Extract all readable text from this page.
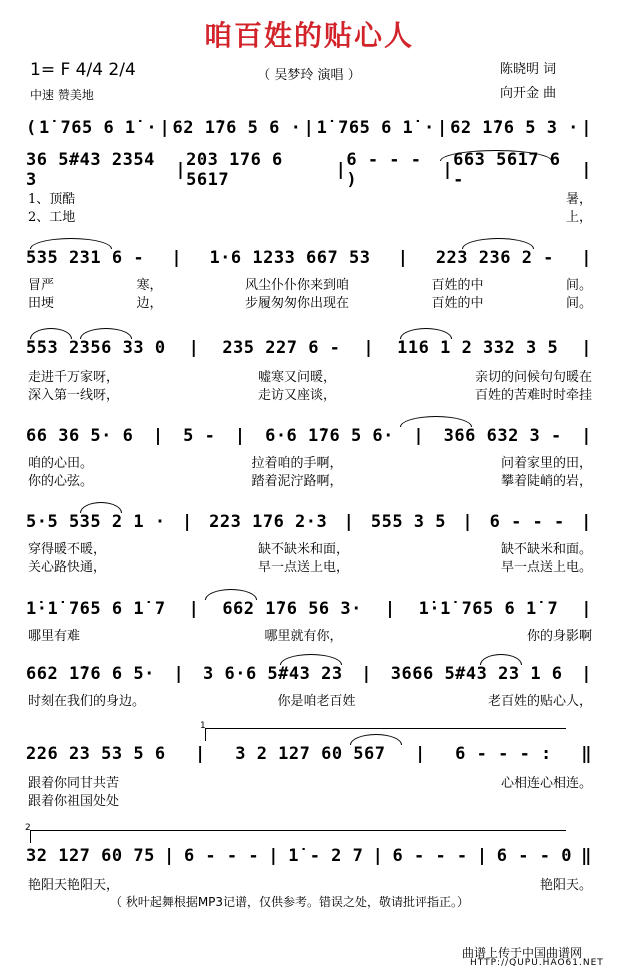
咱百姓的贴心人
1= F 4/4 2/4
中速 赞美地
（ 吴梦玲 演唱 ）	陈晓明 词
向开金 曲
( 1̇ 765 6 1̇ · | 62 1̇76 5 6 · | 1̇ 765 6 1̇ · | 62 1̇76 5 3 · |
36 5#43 2354 3	| 203 176 6 5617	| 6 - - - )	| 663 5617 6 -	|
1、顶酷	暑，
2、工地	上，
535 231 6 - | 1·6 1233 667 53 | 223 236 2 - |
冒严	寒，	风尘仆仆你来到咱	百姓的中	间。
田埂	边，	步履匆匆你出现在	百姓的中	间。
553 2356 33 0 | 235 227 6 - | 116 1 2 332 3 5 |
走进千万家呀，	嘘寒又问暖，	亲切的问候句句暖在
深入第一线呀，	走访又座谈，	百姓的苦难时时牵挂
66 36 5· 6 | 5 - | 6·6 1̇76 5 6· | 366 632 3 - |
咱的心田。	拉着咱的手啊，	问着家里的田，
你的心弦。	踏着泥泞路啊，	攀着陡峭的岩，
5·5 535 2 1 · | 223 176 2·3 | 555 3 5 | 6 - - - |
穿得暖不暖，	缺不缺米和面，	缺不缺米和面。
关心路快通，	早一点送上电，	早一点送上电。
1̇·1̇ 765 6 1̇ 7 | 662 1̇76 56 3· | 1̇·1̇ 765 6 1̇ 7 |
哪里有难	哪里就有你，	你的身影啊
662 1̇76 6 5· | 3 6·6 5#43 23 | 3666 5#43 23 1 6 |
时刻在我们的身边。	你是咱老百姓	老百姓的贴心人，
226 23 53 5 6 | 3 2 127 60 567 | 6 - - - : ‖
跟着你同甘共苦	心相连心相连。
跟着你祖国处处
32 127 60 75 | 6 - - - | 1̇ - 2 7 | 6 - - - | 6 - - 0 ‖
艳阳天艳阳天，	艳阳天。
（ 秋叶起舞根据MP3记谱，仅供参考。错误之处，敬请批评指正。）
曲谱上传于中国曲谱网
HTTP://QUPU.HAO61.NET
1
2
